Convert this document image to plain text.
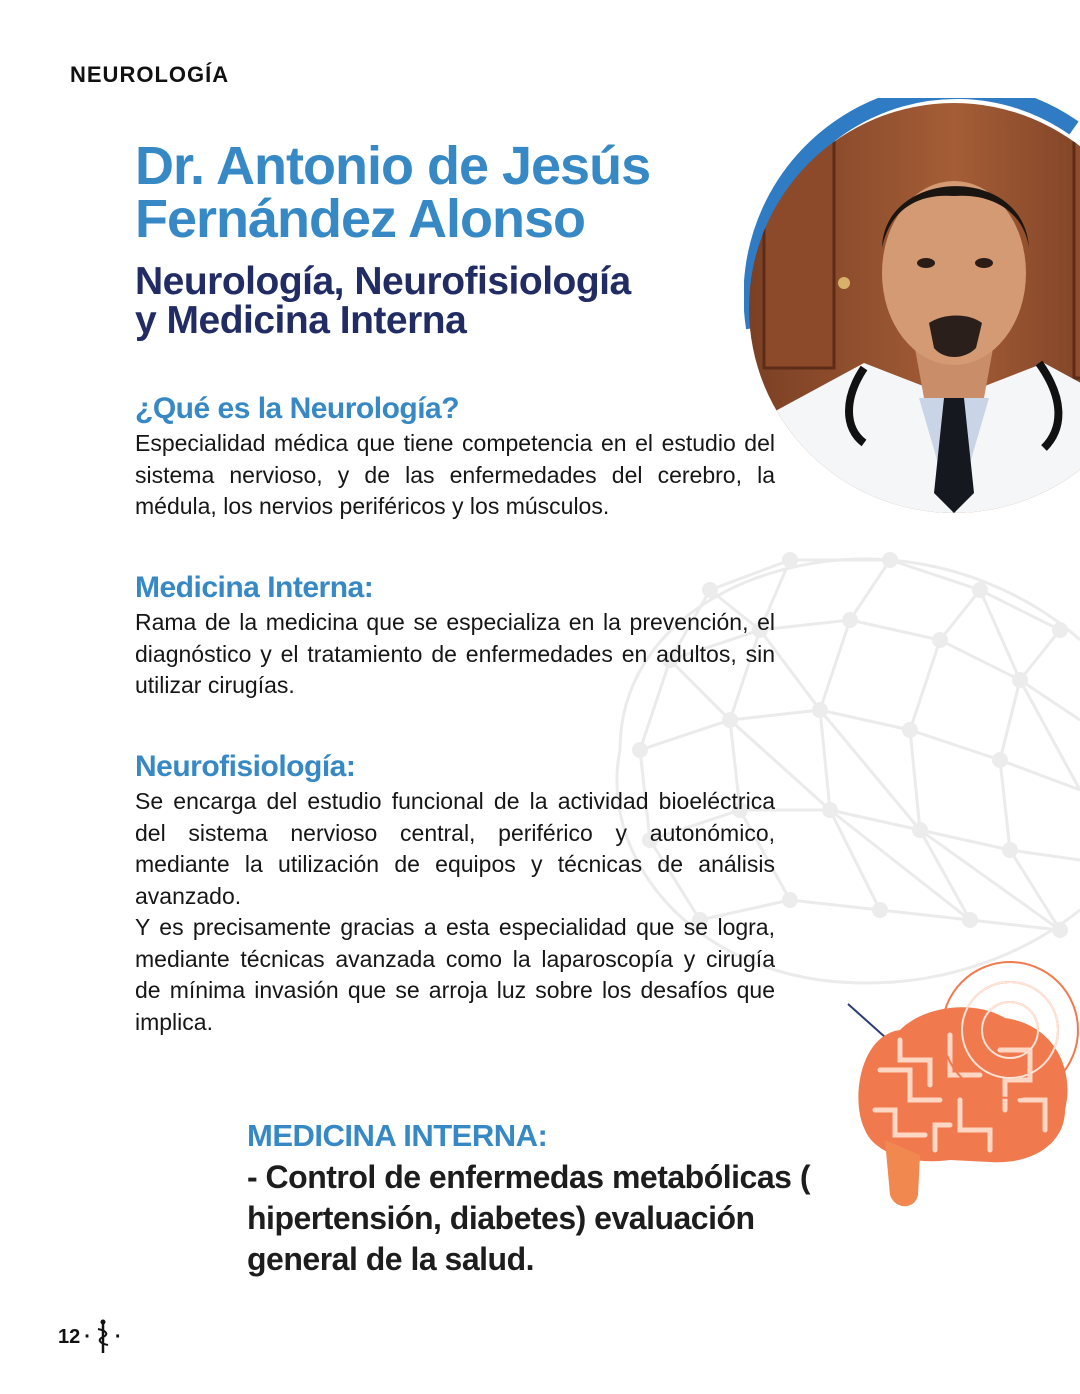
NEUROLOGÍA
Dr. Antonio de Jesús
Fernández Alonso
Neurología, Neurofisiología
y Medicina Interna
¿Qué es la Neurología?
Especialidad médica que tiene competencia en el estudio del sistema nervioso, y de las enfermedades del cerebro, la médula, los nervios periféricos y los músculos.
Medicina Interna:
Rama de la medicina que se especializa en la prevención, el diagnóstico y el tratamiento de enfermedades en adultos, sin utilizar cirugías.
Neurofisiología:
Se encarga del estudio funcional de la actividad bioeléctrica del sistema nervioso central, periférico y autonómico, mediante la utilización de equipos y técnicas de análisis avanzado.
Y es precisamente gracias a esta especialidad que se logra, mediante técnicas avanzada como la laparoscopía y cirugía de mínima invasión que se arroja luz sobre los desafíos que implica.
MEDICINA INTERNA:
- Control de enfermedas metabólicas ( hipertensión, diabetes) evaluación general de la salud.
12 · ·
